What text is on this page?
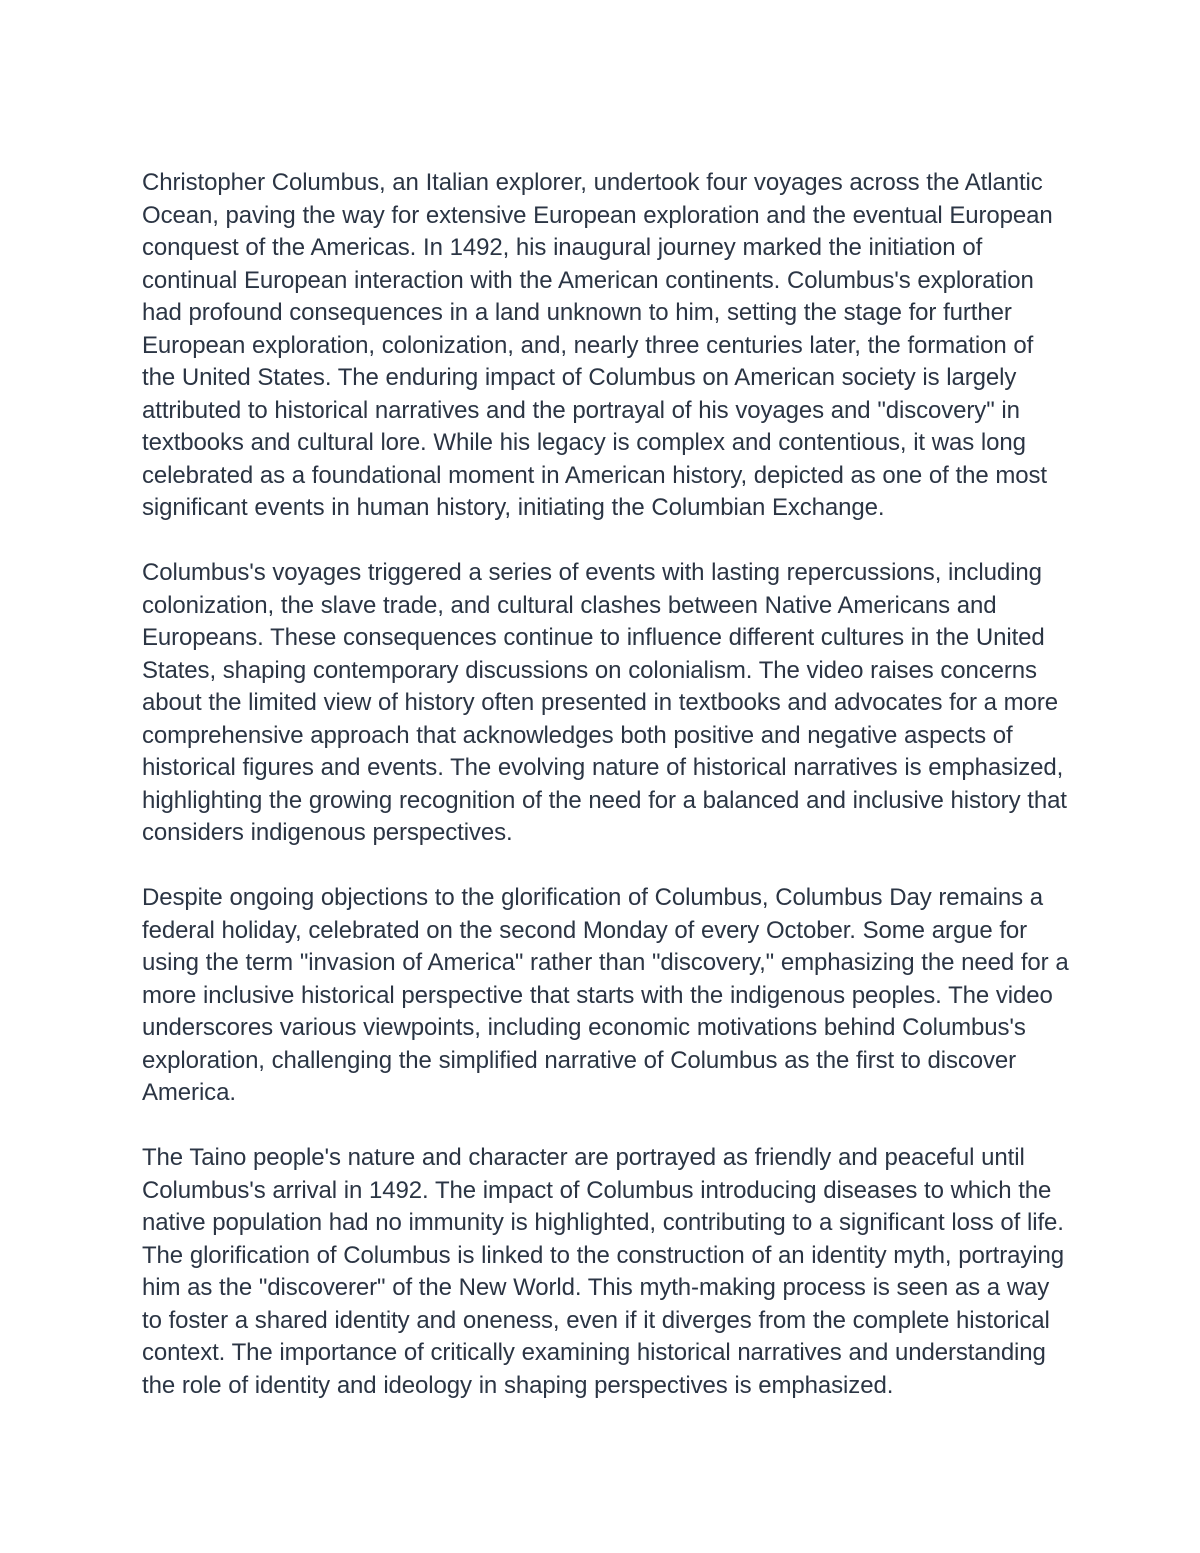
Christopher Columbus, an Italian explorer, undertook four voyages across the Atlantic Ocean, paving the way for extensive European exploration and the eventual European conquest of the Americas. In 1492, his inaugural journey marked the initiation of continual European interaction with the American continents. Columbus's exploration had profound consequences in a land unknown to him, setting the stage for further European exploration, colonization, and, nearly three centuries later, the formation of the United States. The enduring impact of Columbus on American society is largely attributed to historical narratives and the portrayal of his voyages and "discovery" in textbooks and cultural lore. While his legacy is complex and contentious, it was long celebrated as a foundational moment in American history, depicted as one of the most significant events in human history, initiating the Columbian Exchange.

Columbus's voyages triggered a series of events with lasting repercussions, including colonization, the slave trade, and cultural clashes between Native Americans and Europeans. These consequences continue to influence different cultures in the United States, shaping contemporary discussions on colonialism. The video raises concerns about the limited view of history often presented in textbooks and advocates for a more comprehensive approach that acknowledges both positive and negative aspects of historical figures and events. The evolving nature of historical narratives is emphasized, highlighting the growing recognition of the need for a balanced and inclusive history that considers indigenous perspectives.

Despite ongoing objections to the glorification of Columbus, Columbus Day remains a federal holiday, celebrated on the second Monday of every October. Some argue for using the term "invasion of America" rather than "discovery," emphasizing the need for a more inclusive historical perspective that starts with the indigenous peoples. The video underscores various viewpoints, including economic motivations behind Columbus's exploration, challenging the simplified narrative of Columbus as the first to discover America.

The Taino people's nature and character are portrayed as friendly and peaceful until Columbus's arrival in 1492. The impact of Columbus introducing diseases to which the native population had no immunity is highlighted, contributing to a significant loss of life. The glorification of Columbus is linked to the construction of an identity myth, portraying him as the "discoverer" of the New World. This myth-making process is seen as a way to foster a shared identity and oneness, even if it diverges from the complete historical context. The importance of critically examining historical narratives and understanding the role of identity and ideology in shaping perspectives is emphasized.
